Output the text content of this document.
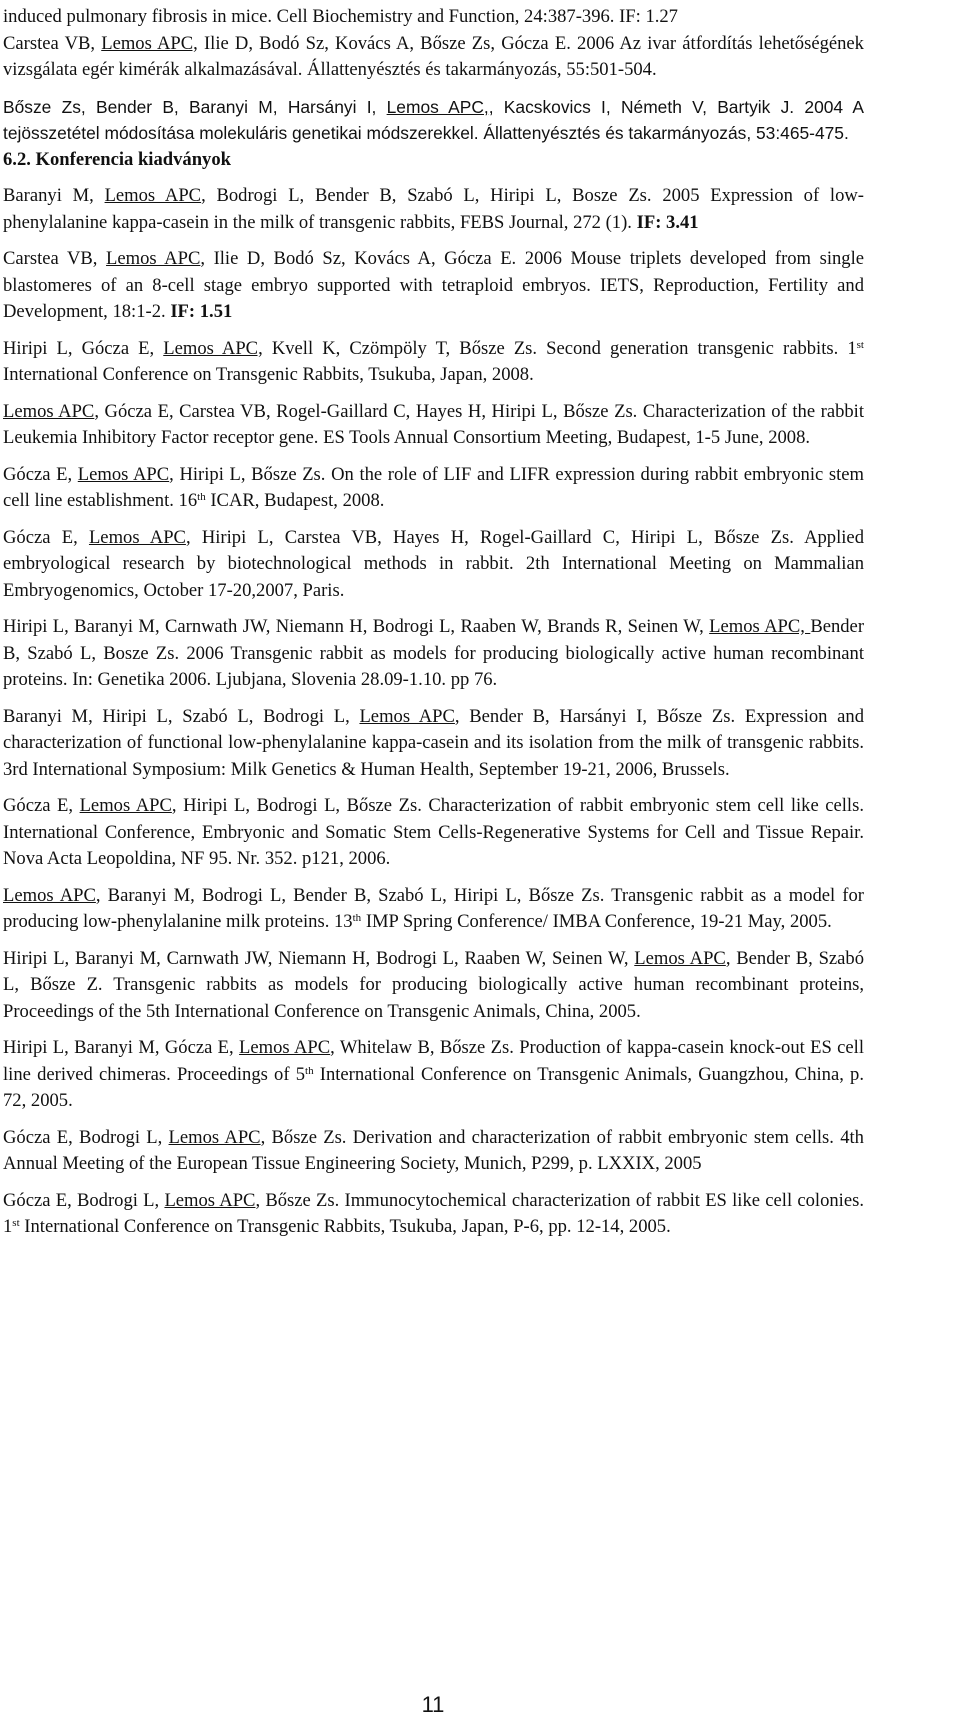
induced pulmonary fibrosis in mice. Cell Biochemistry and Function, 24:387-396. IF: 1.27

Carstea VB, Lemos APC, Ilie D, Bodó Sz, Kovács A, Bősze Zs, Gócza E. 2006 Az ivar átfordítás lehetőségének vizsgálata egér kimérák alkalmazásával. Állattenyésztés és takarmányozás, 55:501-504.

Bősze Zs, Bender B, Baranyi M, Harsányi I, Lemos APC,, Kacskovics I, Németh V, Bartyik J. 2004 A tejösszetétel módosítása molekuláris genetikai módszerekkel. Állattenyésztés és takarmányozás, 53:465-475.

6.2. Konferencia kiadványok

Baranyi M, Lemos APC, Bodrogi L, Bender B, Szabó L, Hiripi L, Bosze Zs. 2005 Expression of low-phenylalanine kappa-casein in the milk of transgenic rabbits, FEBS Journal, 272 (1). IF: 3.41

Carstea VB, Lemos APC, Ilie D, Bodó Sz, Kovács A, Gócza E. 2006 Mouse triplets developed from single blastomeres of an 8-cell stage embryo supported with tetraploid embryos. IETS, Reproduction, Fertility and Development, 18:1-2. IF: 1.51

Hiripi L, Gócza E, Lemos APC, Kvell K, Czömpöly T, Bősze Zs. Second generation transgenic rabbits. 1st International Conference on Transgenic Rabbits, Tsukuba, Japan, 2008.

Lemos APC, Gócza E, Carstea VB, Rogel-Gaillard C, Hayes H, Hiripi L, Bősze Zs. Characterization of the rabbit Leukemia Inhibitory Factor receptor gene. ES Tools Annual Consortium Meeting, Budapest, 1-5 June, 2008.

Gócza E, Lemos APC, Hiripi L, Bősze Zs. On the role of LIF and LIFR expression during rabbit embryonic stem cell line establishment. 16th ICAR, Budapest, 2008.

Gócza E, Lemos APC, Hiripi L, Carstea VB, Hayes H, Rogel-Gaillard C, Hiripi L, Bősze Zs. Applied embryological research by biotechnological methods in rabbit. 2th International Meeting on Mammalian Embryogenomics, October 17-20,2007, Paris.

Hiripi L, Baranyi M, Carnwath JW, Niemann H, Bodrogi L, Raaben W, Brands R, Seinen W, Lemos APC, Bender B, Szabó L, Bosze Zs. 2006 Transgenic rabbit as models for producing biologically active human recombinant proteins. In: Genetika 2006. Ljubjana, Slovenia 28.09-1.10. pp 76.

Baranyi M, Hiripi L, Szabó L, Bodrogi L, Lemos APC, Bender B, Harsányi I, Bősze Zs. Expression and characterization of functional low-phenylalanine kappa-casein and its isolation from the milk of transgenic rabbits. 3rd International Symposium: Milk Genetics & Human Health, September 19-21, 2006, Brussels.

Gócza E, Lemos APC, Hiripi L, Bodrogi L, Bősze Zs. Characterization of rabbit embryonic stem cell like cells. International Conference, Embryonic and Somatic Stem Cells-Regenerative Systems for Cell and Tissue Repair. Nova Acta Leopoldina, NF 95. Nr. 352. p121, 2006.

Lemos APC, Baranyi M, Bodrogi L, Bender B, Szabó L, Hiripi L, Bősze Zs. Transgenic rabbit as a model for producing low-phenylalanine milk proteins. 13th IMP Spring Conference/ IMBA Conference, 19-21 May, 2005.

Hiripi L, Baranyi M, Carnwath JW, Niemann H, Bodrogi L, Raaben W, Seinen W, Lemos APC, Bender B, Szabó L, Bősze Z. Transgenic rabbits as models for producing biologically active human recombinant proteins, Proceedings of the 5th International Conference on Transgenic Animals, China, 2005.

Hiripi L, Baranyi M, Gócza E, Lemos APC, Whitelaw B, Bősze Zs. Production of kappa-casein knock-out ES cell line derived chimeras. Proceedings of 5th International Conference on Transgenic Animals, Guangzhou, China, p. 72, 2005.

Gócza E, Bodrogi L, Lemos APC, Bősze Zs. Derivation and characterization of rabbit embryonic stem cells. 4th Annual Meeting of the European Tissue Engineering Society, Munich, P299, p. LXXIX, 2005

Gócza E, Bodrogi L, Lemos APC, Bősze Zs. Immunocytochemical characterization of rabbit ES like cell colonies. 1st International Conference on Transgenic Rabbits, Tsukuba, Japan, P-6, pp. 12-14, 2005.

11
